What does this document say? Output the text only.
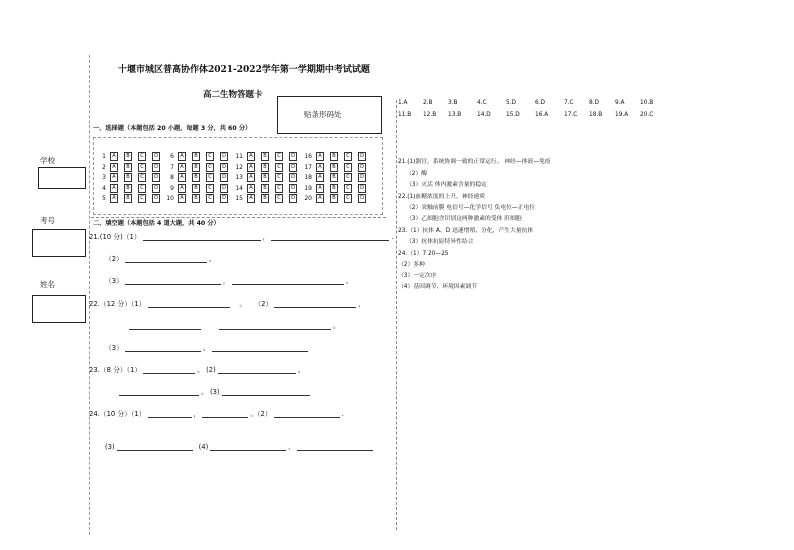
十堰市城区普高协作体2021-2022学年第一学期期中考试试题
高二生物答题卡
贴条形码处
学校
考号
姓名
一、选择题（本题包括 20 小题，每题 3 分，共 60 分）
1	A	B	C	D
2	A	B	C	D
3	A	B	C	D
4	A	B	C	D
5	A	B	C	D
6	A	B	C	D
7	A	B	C	D
8	A	B	C	D
9	A	B	C	D
10	A	B	C	D
11	A	B	C	D
12	A	B	C	D
13	A	B	C	D
14	A	B	C	D
15	A	B	C	D
16	A	B	C	D
17	A	B	C	D
18	A	B	C	D
19	A	B	C	D
20	A	B	C	D
二、填空题（本题包括 4 道大题，共 40 分）
21.(10 分)（1）	，	.
（2）	。
（3）	，	。
22.（12 分）（1）	。 （2）	，
。
（3）	。
23.（8 分）（1）	。 (2)	。
。 (3)
24.（10 分）（1）	，	。（2）	.
(3)	(4)	、
1.A	2.B	3.B	4.C	5.D	6.D	7.C	8.D	9.A	10.B
11.B 12.B 13.B	14.D	15.D	16.A	17.C 18.B 19.A 20.C
21.(1)器官，系统协调一致的正常运行。 神经—体液—免疫
（2）酶
（3）灭活 体内激素含量的稳定
22.(1)血糖浓度的上升、神经递质
（2）突触前膜 电信号—化学信号 负电位—正电位
（3）乙细胞含识别这两种激素的受体 肝细胞
23.（1）抗体 A、D 迅速增殖、分化，产生大量抗体
（3）抗体抗原特异性结合
24.（1）7 20—25
（2）多种
（3）一定次序
（4）基因调节、环境因素调节
